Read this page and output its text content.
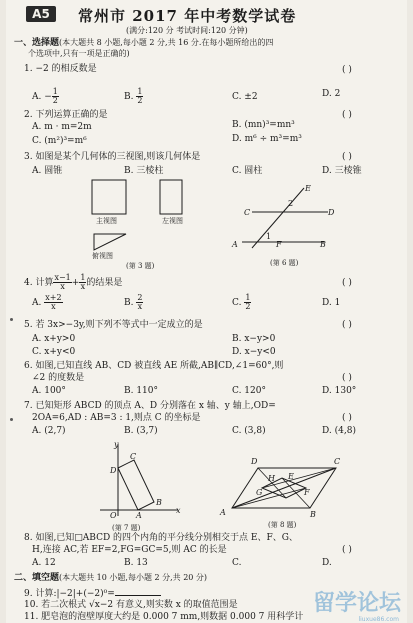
A5	常州市 2017 年中考数学试卷
(满分:120 分 考试时间:120 分钟)
一、选择题(本大题共 8 小题,每小题 2 分,共 16 分.在每小题所给出的四
个选项中,只有一项是正确的)
1. −2 的相反数是	( )
A. − $\frac{1}{2}$	B. $\frac{1}{2}$	C. ±2	D. 2
2. 下列运算正确的是	( )
A. m · m=2m	B. (mn)³=mn³
C. (m²)³=m⁶	D. m⁶ ÷ m³=m³
3. 如图是某个几何体的三视图,则该几何体是	( )
A. 圆锥	B. 三棱柱	C. 圆柱	D. 三棱锥
主视图	左视图
俯视图
(第 3 题)
E
2
C	D
A
1
F	B
(第 6 题)
4. 计算 $\frac{x-1}{x} + \frac{1}{x}$ 的结果是	( )
A. $\frac{x+2}{x}$	B. $\frac{2}{x}$	C. $\frac{1}{2}$	D. 1
5. 若 3x>−3y,则下列不等式中一定成立的是	( )
A. x+y>0	B. x−y>0
C. x+y<0	D. x−y<0
6. 如图,已知直线 AB、CD 被直线 AE 所截,AB∥CD,∠1=60°,则
∠2 的度数是	( )
A. 100°	B. 110°	C. 120°	D. 130°
7. 已知矩形 ABCD 的顶点 A、D 分别落在 x 轴、y 轴上,OD=
2OA=6,AD : AB=3 : 1,则点 C 的坐标是	( )
A. (2,7)	B. (3,7)	C. (3,8)	D. (4,8)
y
C
D
B
O A
x
(第 7 题)
D	C
H E
G	F
A	B
(第 8 题)
8. 如图,已知□ABCD 的四个内角的平分线分别相交于点 E、F、G、
H,连接 AC,若 EF=2,FG=GC=5,则 AC 的长是	( )
A. 12	B. 13	C.	D.
二、填空题(本大题共 10 小题,每小题 2 分,共 20 分)
9. 计算:|−2|+(−2)⁰=
10. 若二次根式 √x−2 有意义,则实数 x 的取值范围是
11. 肥皂泡的泡壁厚度大约是 0.000 7 mm,则数据 0.000 7 用科学计
留学论坛
liuxue86.com
